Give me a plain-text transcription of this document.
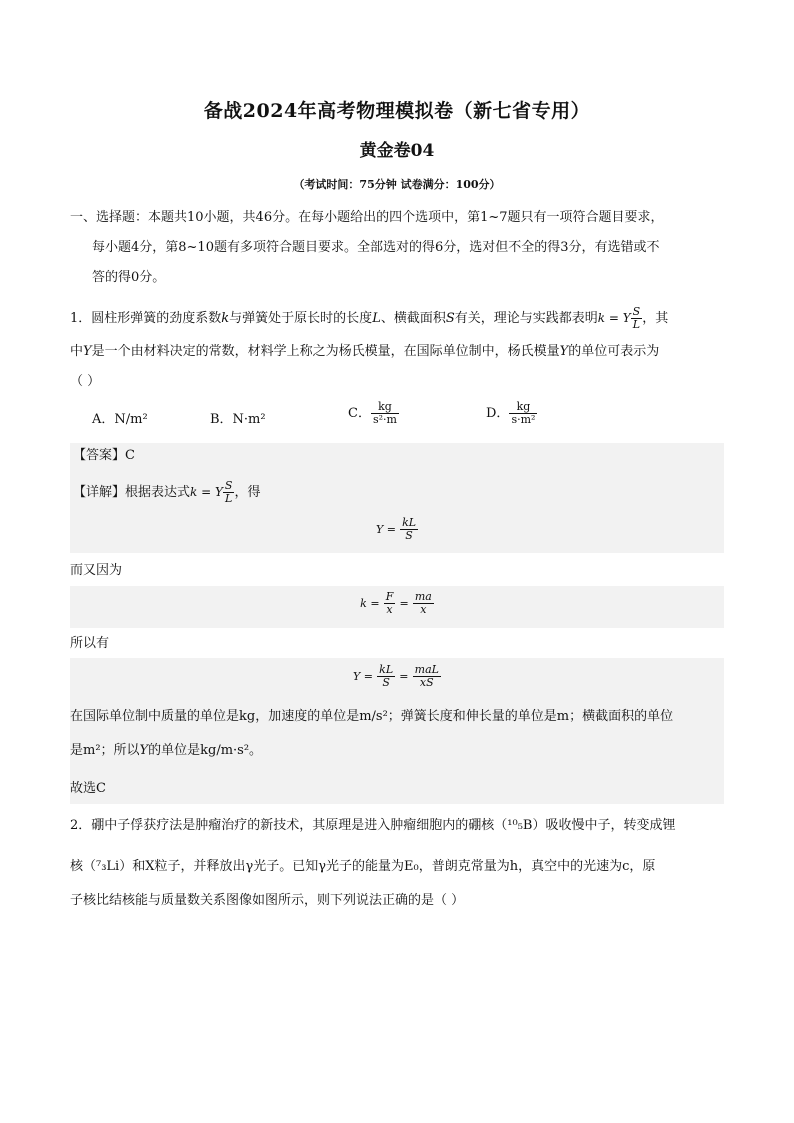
备战2024年高考物理模拟卷（新七省专用）
黄金卷04
（考试时间：75分钟 试卷满分：100分）
一、选择题：本题共10小题，共46分。在每小题给出的四个选项中，第1~7题只有一项符合题目要求，
每小题4分，第8~10题有多项符合题目要求。全部选对的得6分，选对但不全的得3分，有选错或不
答的得0分。
1．圆柱形弹簧的劲度系数k与弹簧处于原长时的长度L、横截面积S有关，理论与实践都表明k = Y $\frac{S}{L}$ ，其
中Y是一个由材料决定的常数，材料学上称之为杨氏模量，在国际单位制中，杨氏模量Y的单位可表示为
（ ）
A．N/m²	B．N·m²	C． $\frac{kg}{\text{s²·m}}$	D． $\frac{kg}{\text{s·m²}}$
【答案】C
【详解】根据表达式k = Y $\frac{S}{L}$ ，得
$Y = \frac{kL}{S}$
而又因为
$k = \frac{F}{x} = \frac{ma}{x}$
所以有
$Y = \frac{kL}{S} = \frac{\text{maL}}{xS}$
在国际单位制中质量的单位是kg，加速度的单位是m/s²；弹簧长度和伸长量的单位是m；横截面积的单位
是m²；所以Y的单位是kg/m·s²。
故选C
2．硼中子俘获疗法是肿瘤治疗的新技术，其原理是进入肿瘤细胞内的硼核（¹⁰₅B）吸收慢中子，转变成锂
核（⁷₃Li）和X粒子，并释放出γ光子。已知γ光子的能量为E₀，普朗克常量为h，真空中的光速为c，原
子核比结核能与质量数关系图像如图所示，则下列说法正确的是（ ）
